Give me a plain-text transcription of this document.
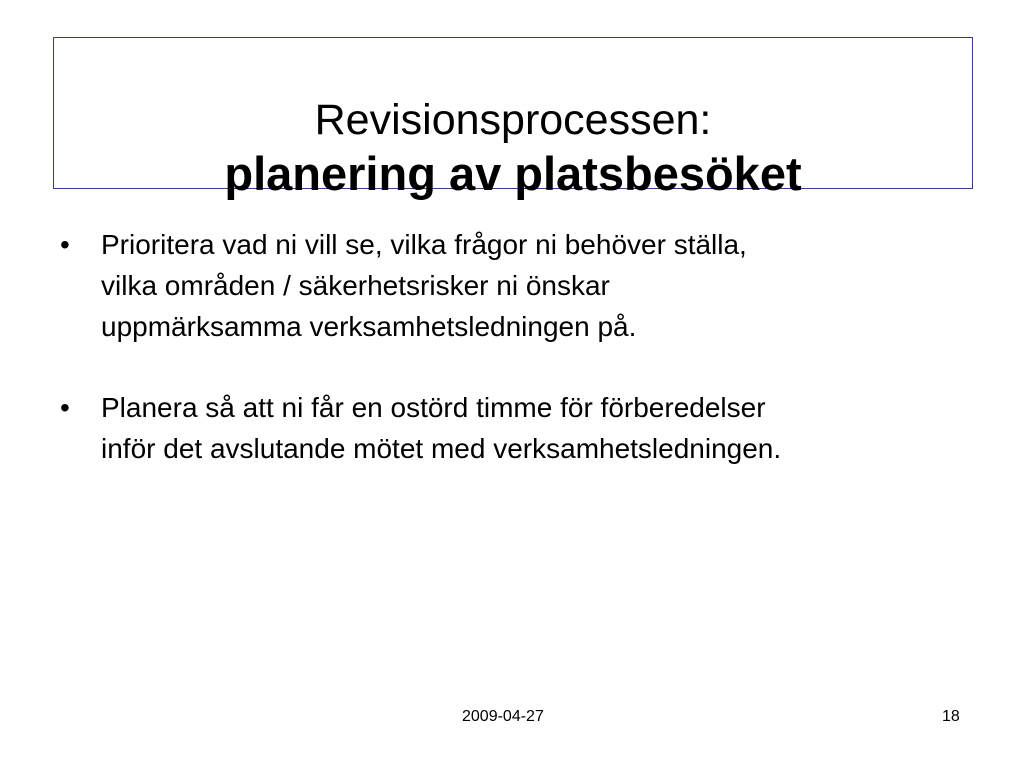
Revisionsprocessen:
planering av platsbesöket
• Prioritera vad ni vill se, vilka frågor ni behöver ställa,
vilka områden / säkerhetsrisker ni önskar
uppmärksamma verksamhetsledningen på.
• Planera så att ni får en ostörd timme för förberedelser
inför det avslutande mötet med verksamhetsledningen.
2009-04-27	18
